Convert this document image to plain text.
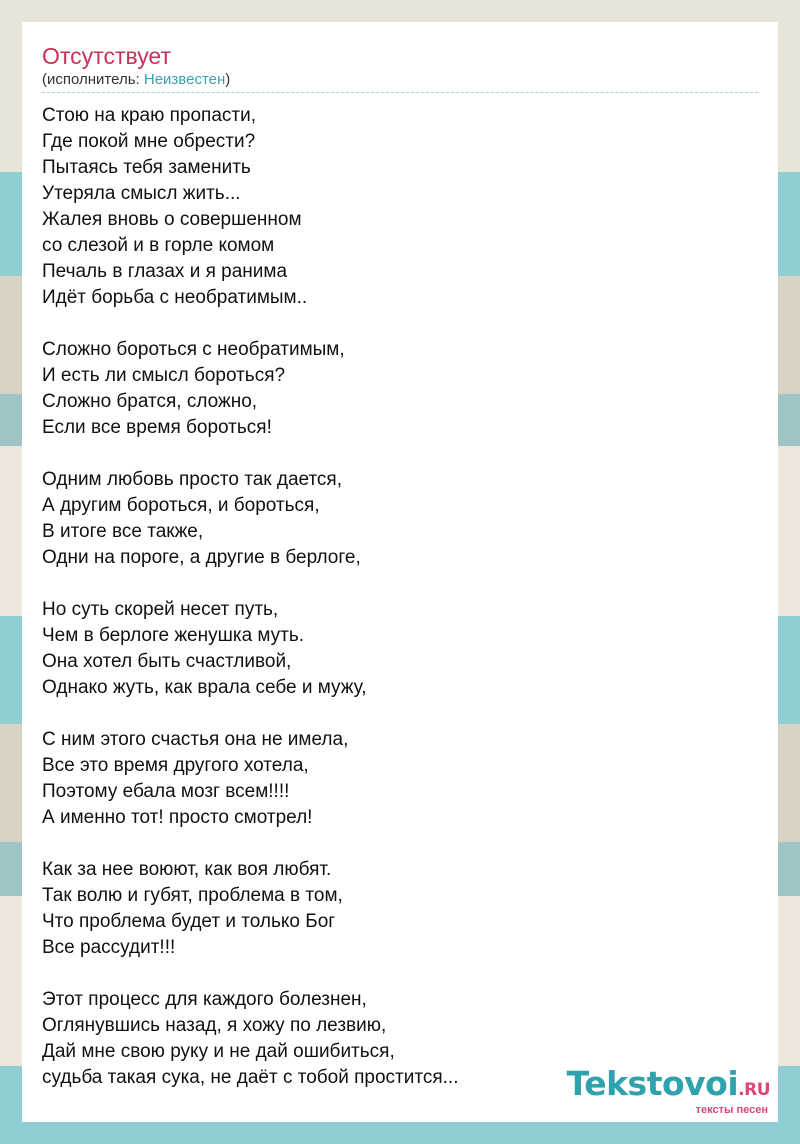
Отсутствует
(исполнитель: Неизвестен)
Стою на краю пропасти,
Где покой мне обрести?
Пытаясь тебя заменить
Утеряла смысл жить...
Жалея вновь о совершенном
со слезой и в горле комом
Печаль в глазах и я ранима
Идёт борьба с необратимым..
Сложно бороться с необратимым,
И есть ли смысл бороться?
Сложно братся, сложно,
Если все время бороться!
Одним любовь просто так дается,
А другим бороться, и бороться,
В итоге все также,
Одни на пороге, а другие в берлоге,
Но суть скорей несет путь,
Чем в берлоге женушка муть.
Она хотел быть счастливой,
Однако жуть, как врала себе и мужу,
С ним этого счастья она не имела,
Все это время другого хотела,
Поэтому ебала мозг всем!!!!
А именно тот! просто смотрел!
Как за нее воюют, как воя любят.
Так волю и губят, проблема в том,
Что проблема будет и только Бог
Все рассудит!!!
Этот процесс для каждого болезнен,
Оглянувшись назад, я хожу по лезвию,
Дай мне свою руку и не дай ошибиться,
судьба такая сука, не даёт с тобой простится...	Tekstovoi.RU
тексты песен
